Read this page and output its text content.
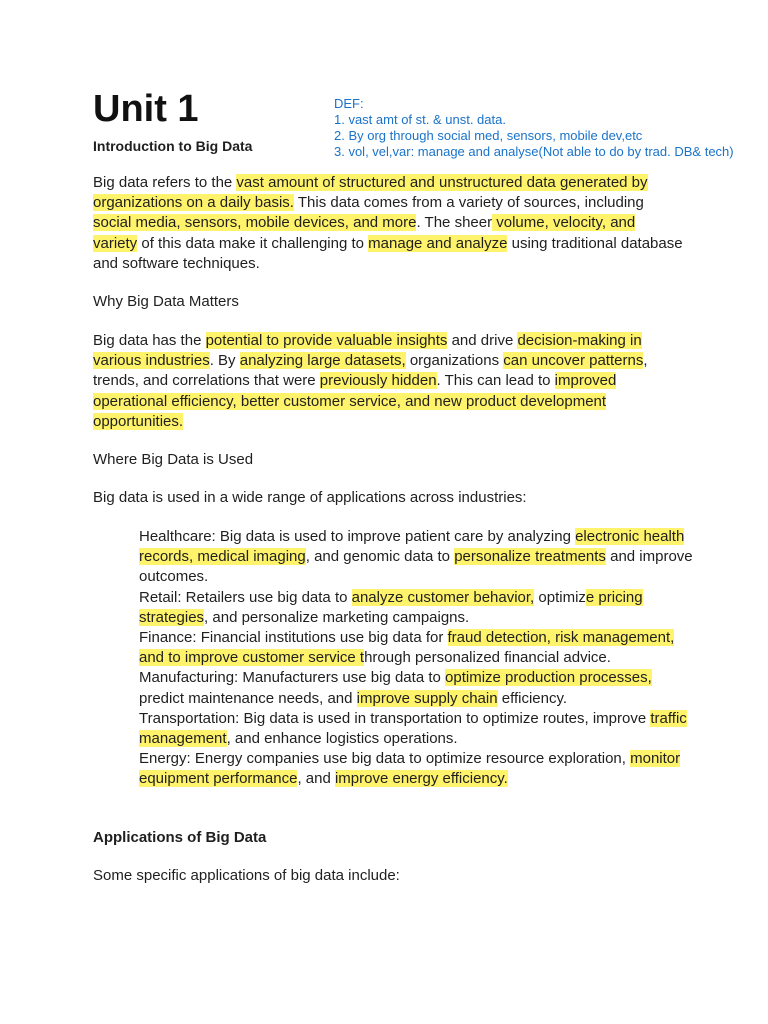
Unit 1
Introduction to Big Data
DEF:
1. vast amt of st. & unst. data.
2. By org through social med, sensors, mobile dev,etc
3. vol, vel,var: manage and analyse(Not able to do by trad. DB& tech)

Big data refers to the vast amount of structured and unstructured data generated by organizations on a daily basis. This data comes from a variety of sources, including social media, sensors, mobile devices, and more. The sheer volume, velocity, and variety of this data make it challenging to manage and analyze using traditional database and software techniques.

Why Big Data Matters

Big data has the potential to provide valuable insights and drive decision-making in various industries. By analyzing large datasets, organizations can uncover patterns, trends, and correlations that were previously hidden. This can lead to improved operational efficiency, better customer service, and new product development opportunities.

Where Big Data is Used

Big data is used in a wide range of applications across industries:

Healthcare: Big data is used to improve patient care by analyzing electronic health records, medical imaging, and genomic data to personalize treatments and improve outcomes.

Retail: Retailers use big data to analyze customer behavior, optimize pricing strategies, and personalize marketing campaigns.

Finance: Financial institutions use big data for fraud detection, risk management, and to improve customer service through personalized financial advice.

Manufacturing: Manufacturers use big data to optimize production processes, predict maintenance needs, and improve supply chain efficiency.

Transportation: Big data is used in transportation to optimize routes, improve traffic management, and enhance logistics operations.

Energy: Energy companies use big data to optimize resource exploration, monitor equipment performance, and improve energy efficiency.

Applications of Big Data

Some specific applications of big data include:
